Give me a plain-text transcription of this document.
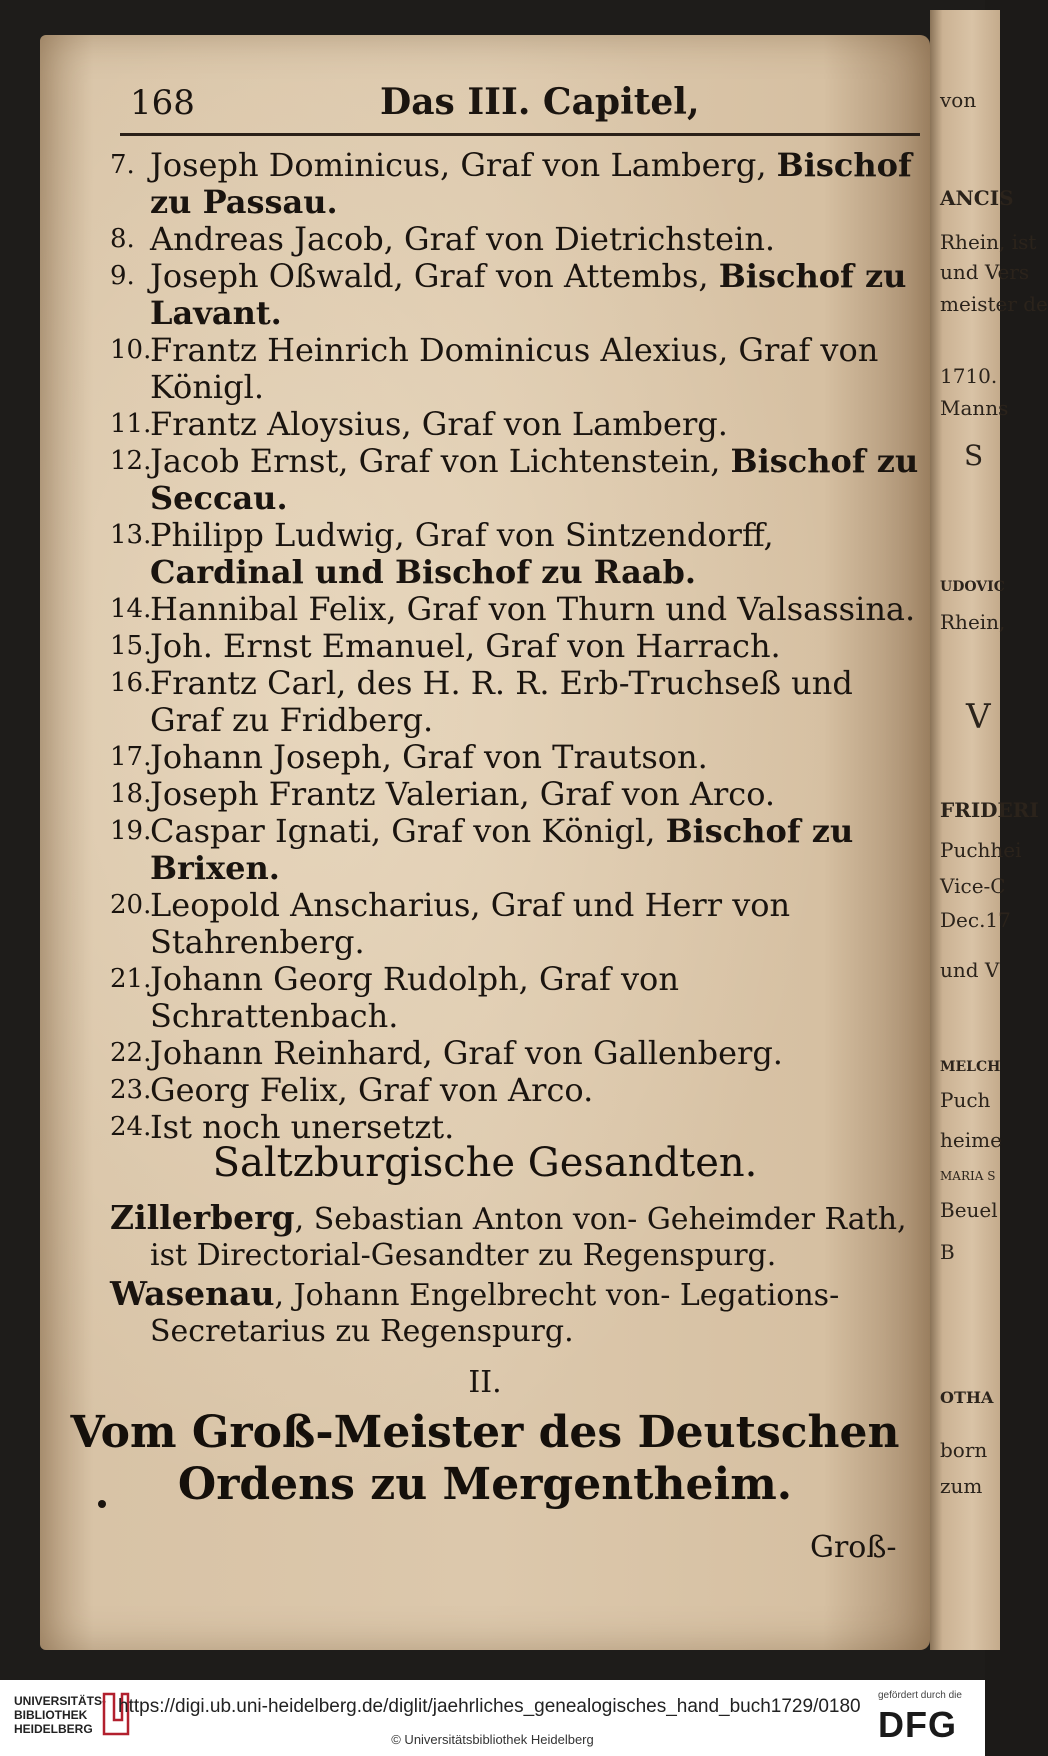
von
ANCIS
Rhein, ist
und Vers
meister de
1710.
Manns
S
UDOVIC
Rhein,
V
FRIDERI
Puchhei
Vice-C
Dec.17
und V
MELCH
Puch
heime
MARIA S
Beuel
B
OTHA
born
zum
168	Das III. Capitel,
7. Joseph Dominicus, Graf von Lamberg, Bischof zu Passau.
8. Andreas Jacob, Graf von Dietrichstein.
9. Joseph Oßwald, Graf von Attembs, Bischof zu Lavant.
10.
Frantz Heinrich Dominicus Alexius, Graf von Königl.
11.
Frantz Aloysius, Graf von Lamberg.
12.
Jacob Ernst, Graf von Lichtenstein, Bischof zu Seccau.
13.
Philipp Ludwig, Graf von Sintzendorff, Cardinal und Bischof zu Raab.
14.
Hannibal Felix, Graf von Thurn und Valsassina.
15.
Joh. Ernst Emanuel, Graf von Harrach.
16.
Frantz Carl, des H. R. R. Erb-Truchseß und Graf zu Fridberg.
17.
Johann Joseph, Graf von Trautson.
18.
Joseph Frantz Valerian, Graf von Arco.
19.
Caspar Ignati, Graf von Königl, Bischof zu Brixen.
20.
Leopold Anscharius, Graf und Herr von Stahrenberg.
21.
Johann Georg Rudolph, Graf von Schrattenbach.
22.
Johann Reinhard, Graf von Gallenberg.
23.
Georg Felix, Graf von Arco.
24.
Ist noch unersetzt.
Saltzburgische Gesandten.

Zillerberg, Sebastian Anton von- Geheimder Rath, ist Directorial-Gesandter zu Regenspurg.

Wasenau, Johann Engelbrecht von- Legations-Secretarius zu Regenspurg.

II.
Vom Groß-Meister des Deutschen
Ordens zu Mergentheim.
Groß-
UNIVERSITÄTS-
BIBLIOTHEK
HEIDELBERG
https://digi.ub.uni-heidelberg.de/diglit/jaehrliches_genealogisches_hand_buch1729/0180
© Universitätsbibliothek Heidelberg
gefördert durch die
DFG
